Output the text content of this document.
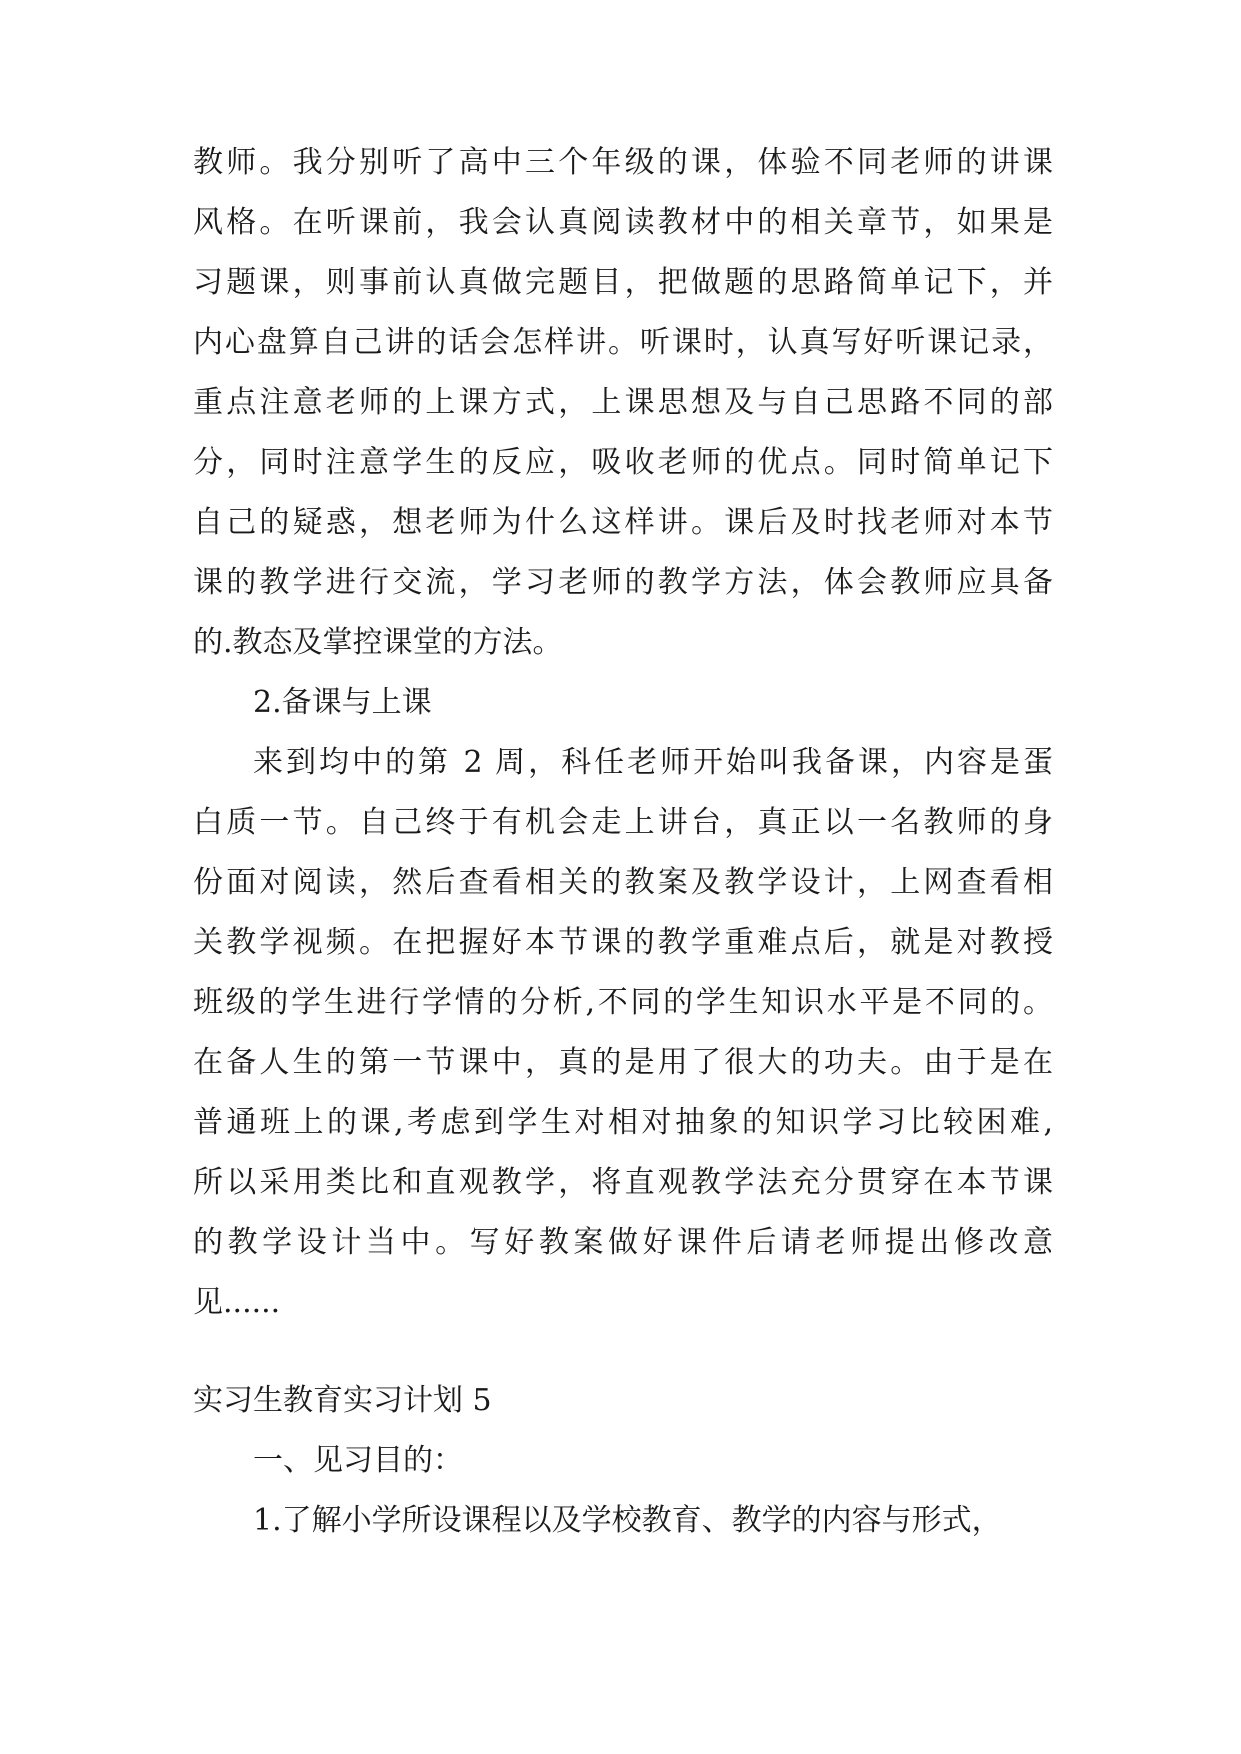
教师。我分别听了高中三个年级的课，体验不同老师的讲课
风格。在听课前，我会认真阅读教材中的相关章节，如果是
习题课，则事前认真做完题目，把做题的思路简单记下，并
内心盘算自己讲的话会怎样讲。听课时，认真写好听课记录，
重点注意老师的上课方式，上课思想及与自己思路不同的部
分，同时注意学生的反应，吸收老师的优点。同时简单记下
自己的疑惑，想老师为什么这样讲。课后及时找老师对本节
课的教学进行交流，学习老师的教学方法，体会教师应具备
的.教态及掌控课堂的方法。
2.备课与上课
来到均中的第 2 周，科任老师开始叫我备课，内容是蛋
白质一节。自己终于有机会走上讲台，真正以一名教师的身
份面对阅读，然后查看相关的教案及教学设计，上网查看相
关教学视频。在把握好本节课的教学重难点后，就是对教授
班级的学生进行学情的分析,不同的学生知识水平是不同的。
在备人生的第一节课中，真的是用了很大的功夫。由于是在
普通班上的课,考虑到学生对相对抽象的知识学习比较困难,
所以采用类比和直观教学，将直观教学法充分贯穿在本节课
的教学设计当中。写好教案做好课件后请老师提出修改意
见......
实习生教育实习计划 5
一、见习目的：
1.了解小学所设课程以及学校教育、教学的内容与形式，
